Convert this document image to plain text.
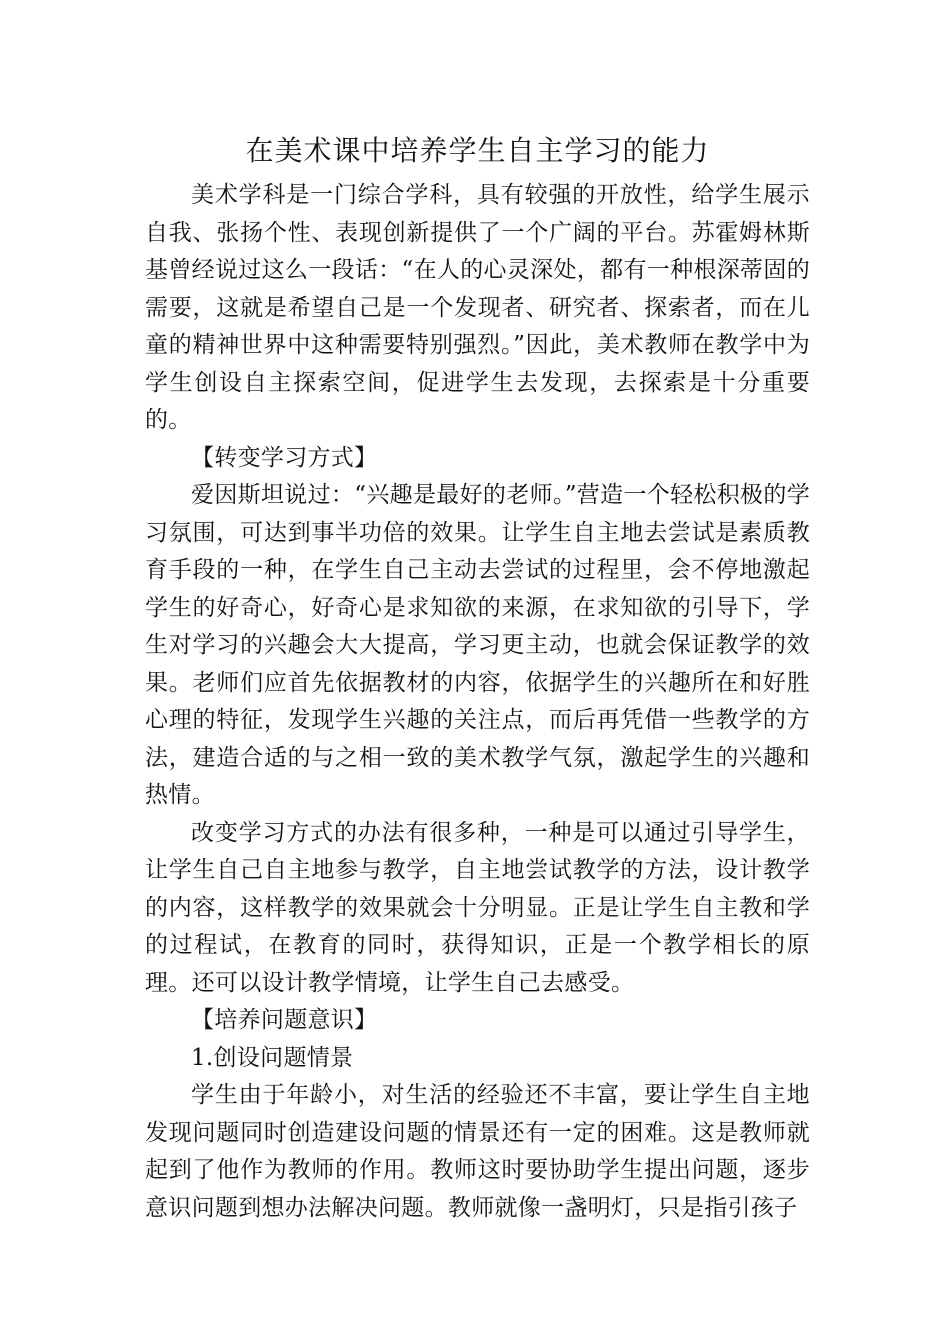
在美术课中培养学生自主学习的能力

美术学科是一门综合学科，具有较强的开放性，给学生展示自我、张扬个性、表现创新提供了一个广阔的平台。苏霍姆林斯基曾经说过这么一段话：“在人的心灵深处，都有一种根深蒂固的需要，这就是希望自己是一个发现者、研究者、探索者，而在儿童的精神世界中这种需要特别强烈。”因此，美术教师在教学中为学生创设自主探索空间，促进学生去发现，去探索是十分重要的。

【转变学习方式】

爱因斯坦说过：“兴趣是最好的老师。”营造一个轻松积极的学习氛围，可达到事半功倍的效果。让学生自主地去尝试是素质教育手段的一种，在学生自己主动去尝试的过程里，会不停地激起学生的好奇心，好奇心是求知欲的来源，在求知欲的引导下，学生对学习的兴趣会大大提高，学习更主动，也就会保证教学的效果。老师们应首先依据教材的内容，依据学生的兴趣所在和好胜心理的特征，发现学生兴趣的关注点，而后再凭借一些教学的方法，建造合适的与之相一致的美术教学气氛，激起学生的兴趣和热情。

改变学习方式的办法有很多种，一种是可以通过引导学生，让学生自己自主地参与教学，自主地尝试教学的方法，设计教学的内容，这样教学的效果就会十分明显。正是让学生自主教和学的过程试，在教育的同时，获得知识，正是一个教学相长的原理。还可以设计教学情境，让学生自己去感受。

【培养问题意识】

1.创设问题情景

学生由于年龄小，对生活的经验还不丰富，要让学生自主地发现问题同时创造建设问题的情景还有一定的困难。这是教师就起到了他作为教师的作用。教师这时要协助学生提出问题，逐步意识问题到想办法解决问题。教师就像一盏明灯，只是指引孩子
